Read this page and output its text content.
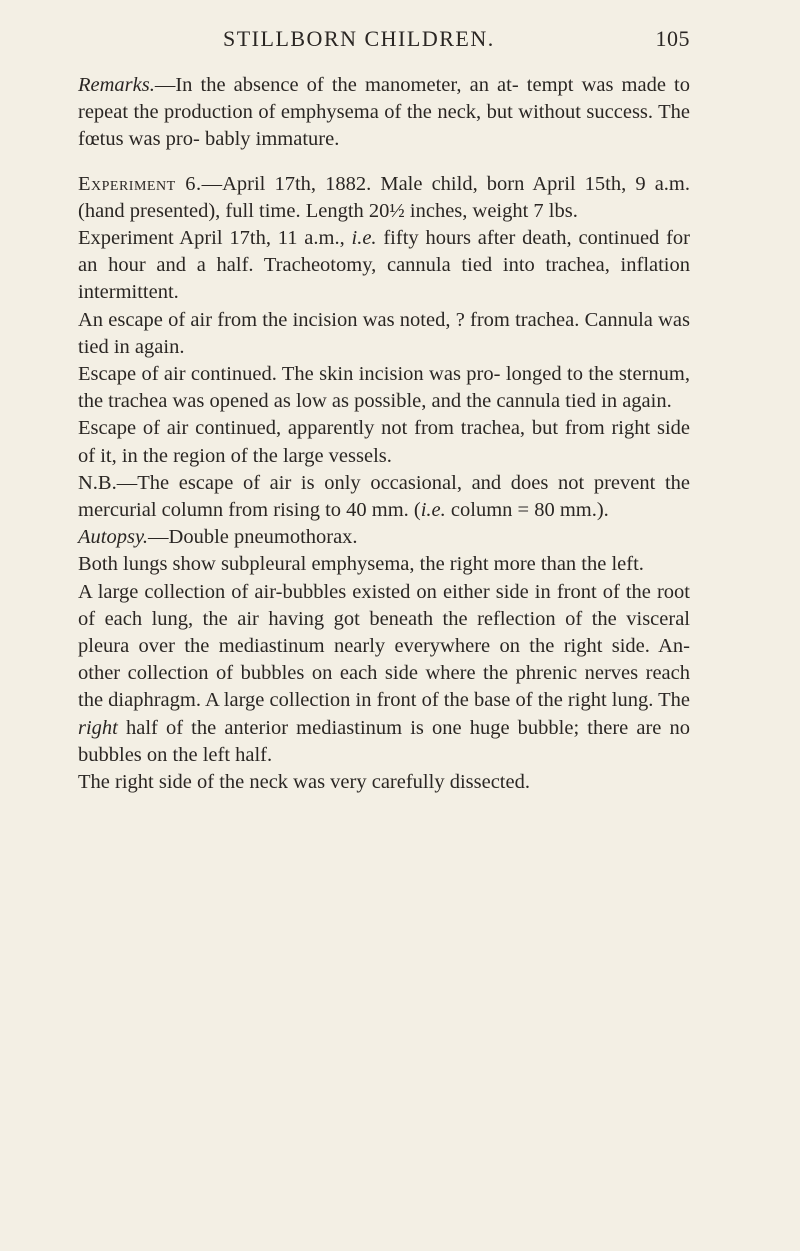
STILLBORN CHILDREN.	105

Remarks.—In the absence of the manometer, an at- tempt was made to repeat the production of emphysema of the neck, but without success. The fœtus was pro- bably immature.

Experiment 6.—April 17th, 1882. Male child, born April 15th, 9 a.m. (hand presented), full time. Length 20½ inches, weight 7 lbs.

Experiment April 17th, 11 a.m., i.e. fifty hours after death, continued for an hour and a half. Tracheotomy, cannula tied into trachea, inflation intermittent.

An escape of air from the incision was noted, ? from trachea. Cannula was tied in again.

Escape of air continued. The skin incision was pro- longed to the sternum, the trachea was opened as low as possible, and the cannula tied in again.

Escape of air continued, apparently not from trachea, but from right side of it, in the region of the large vessels.

N.B.—The escape of air is only occasional, and does not prevent the mercurial column from rising to 40 mm. (i.e. column = 80 mm.).

Autopsy.—Double pneumothorax.

Both lungs show subpleural emphysema, the right more than the left.

A large collection of air-bubbles existed on either side in front of the root of each lung, the air having got beneath the reflection of the visceral pleura over the mediastinum nearly everywhere on the right side. An- other collection of bubbles on each side where the phrenic nerves reach the diaphragm. A large collection in front of the base of the right lung. The right half of the anterior mediastinum is one huge bubble; there are no bubbles on the left half.

The right side of the neck was very carefully dissected.
